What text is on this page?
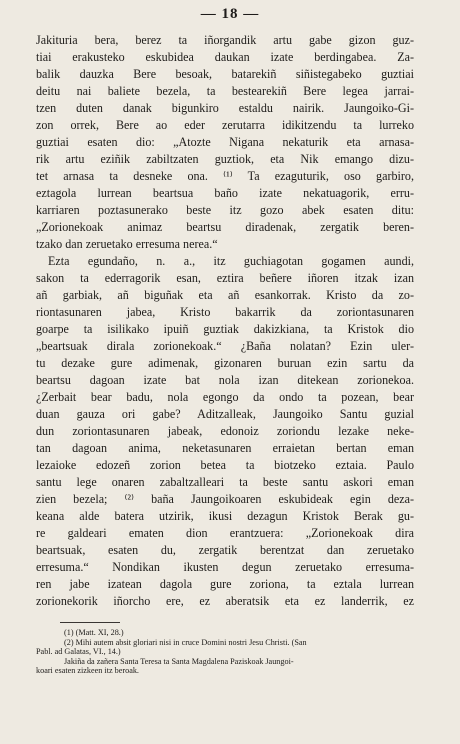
— 18 —
Jakituria bera, berez ta iñorgandik artu gabe gizon guz-
tiai erakusteko eskubidea daukan izate berdingabea. Za-
balik dauzka Bere besoak, batarekiñ siñistegabeko guztiai
deitu nai baliete bezela, ta bestearekiñ Bere legea jarrai-
tzen duten danak bigunkiro estaldu nairik. Jaungoiko-Gi-
zon orrek, Bere ao eder zerutarra idikitzendu ta lurreko
guztiai esaten dio: „Atozte Nigana nekaturik eta arnasa-
rik artu eziñik zabiltzaten guztiok, eta Nik emango dizu-
tet arnasa ta desneke ona. ⁽¹⁾ Ta ezaguturik, oso garbiro,
eztagola lurrean beartsua baño izate nekatuagorik, erru-
karriaren poztasunerako beste itz gozo abek esaten ditu:
„Zorionekoak animaz beartsu diradenak, zergatik beren-
tzako dan zeruetako erresuma nerea.“
Ezta egundaño, n. a., itz guchiagotan gogamen aundi,
sakon ta ederragorik esan, eztira beñere iñoren itzak izan
añ garbiak, añ biguñak eta añ esankorrak. Kristo da zo-
riontasunaren jabea, Kristo bakarrik da zoriontasunaren
goarpe ta isilikako ipuiñ guztiak dakizkiana, ta Kristok dio
„beartsuak dirala zorionekoak.“ ¿Baña nolatan? Ezin uler-
tu dezake gure adimenak, gizonaren buruan ezin sartu da
beartsu dagoan izate bat nola izan ditekean zorionekoa.
¿Zerbait bear badu, nola egongo da ondo ta pozean, bear
duan gauza ori gabe? Aditzalleak, Jaungoiko Santu guzial
dun zoriontasunaren jabeak, edonoiz zoriondu lezake neke-
tan dagoan anima, neketasunaren erraietan bertan eman
lezaioke edozeñ zorion betea ta biotzeko eztaia. Paulo
santu lege onaren zabaltzalleari ta beste santu askori eman
zien bezela; ⁽²⁾ baña Jaungoikoaren eskubideak egin deza-
keana alde batera utzirik, ikusi dezagun Kristok Berak gu-
re galdeari ematen dion erantzuera: „Zorionekoak dira
beartsuak, esaten du, zergatik berentzat dan zeruetako
erresuma.“ Nondikan ikusten degun zeruetako erresuma-
ren jabe izatean dagola gure zoriona, ta eztala lurrean
zorionekorik iñorcho ere, ez aberatsik eta ez landerrik, ez
(1) (Matt. XI, 28.)
(2) Mihi autem absit gloriari nisi in cruce Domini nostri Jesu Christi. (San
Pabl. ad Galatas, VI., 14.)
Jakiña da zañera Santa Teresa ta Santa Magdalena Paziskoak Jaungoi-
koari esaten zizkeen itz beroak.
